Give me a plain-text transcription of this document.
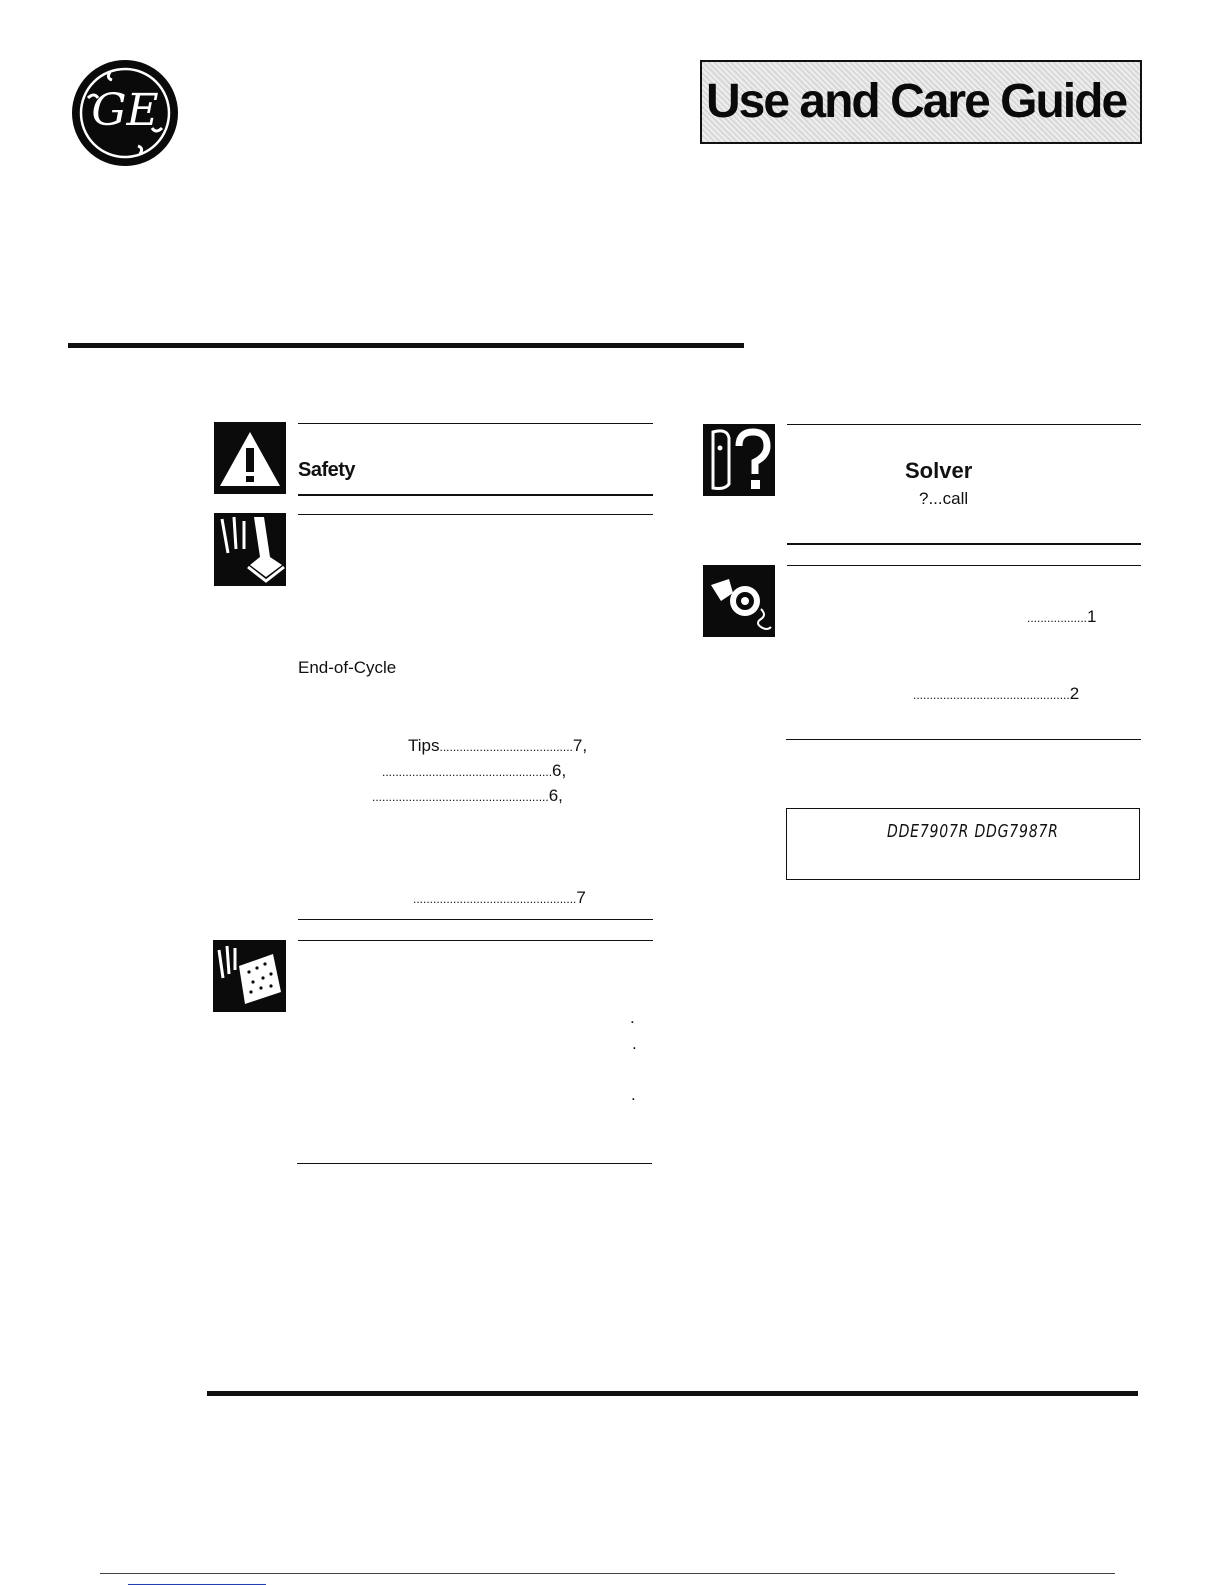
GE	Use and Care Guide
Safety
End-of-Cycle
Tips........................................7,
...................................................6,
.....................................................6,
.................................................7
.
.
.
Solver
?...call
..................1
...............................................2
DDE7907R DDG7987R
